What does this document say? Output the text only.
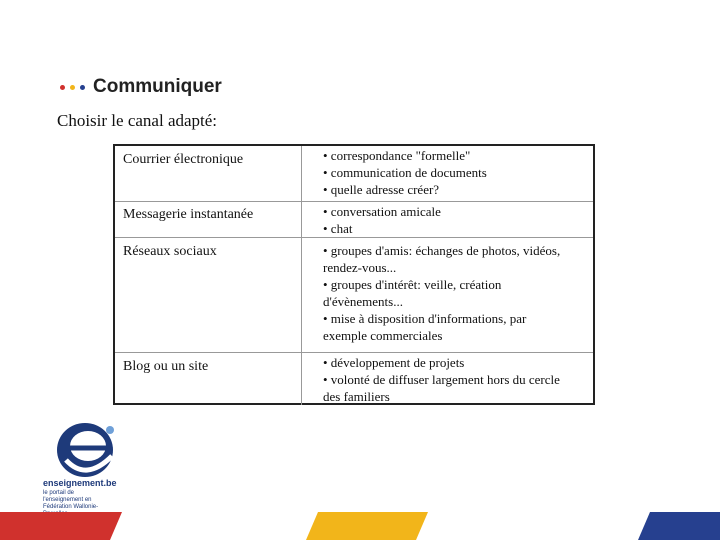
Communiquer
Choisir le canal adapté:
Courrier électronique	• correspondance "formelle"
• communication de documents
• quelle adresse créer?
Messagerie instantanée	• conversation amicale
• chat
Réseaux sociaux	• groupes d'amis: échanges de photos, vidéos, rendez-vous...
• groupes d'intérêt: veille, création d'évènements...
• mise à disposition d'informations, par exemple commerciales
Blog ou un site	• développement de projets
• volonté de diffuser largement hors du cercle des familiers
enseignement.be
le portail de l'enseignement en Fédération Wallonie-
